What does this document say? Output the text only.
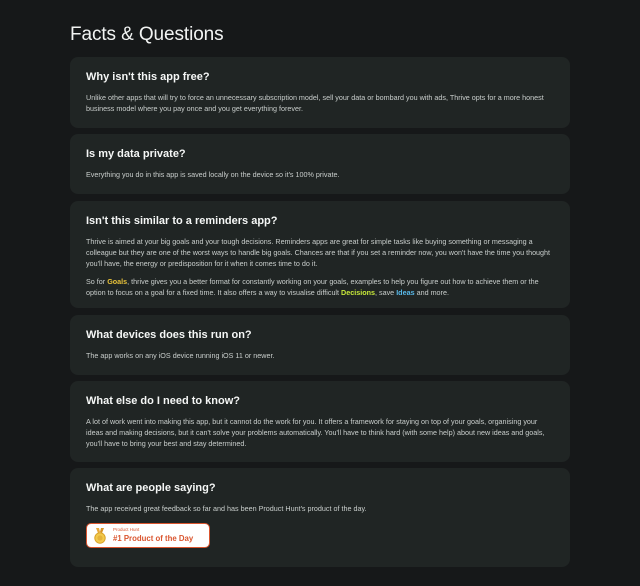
Facts & Questions
Why isn't this app free?

Unlike other apps that will try to force an unnecessary subscription model, sell your data or bombard you with ads, Thrive opts for a more honest business model where you pay once and you get everything forever.

Is my data private?

Everything you do in this app is saved locally on the device so it's 100% private.

Isn't this similar to a reminders app?

Thrive is aimed at your big goals and your tough decisions. Reminders apps are great for simple tasks like buying something or messaging a colleague but they are one of the worst ways to handle big goals. Chances are that if you set a reminder now, you won't have the time you thought you'll have, the energy or predisposition for it when it comes time to do it.

So for Goals, thrive gives you a better format for constantly working on your goals, examples to help you figure out how to achieve them or the option to focus on a goal for a fixed time. It also offers a way to visualise difficult Decisions, save Ideas and more.

What devices does this run on?

The app works on any iOS device running iOS 11 or newer.

What else do I need to know?

A lot of work went into making this app, but it cannot do the work for you. It offers a framework for staying on top of your goals, organising your ideas and making decisions, but it can't solve your problems automatically. You'll have to think hard (with some help) about new ideas and goals, you'll have to bring your best and stay determined.

What are people saying?

The app received great feedback so far and has been Product Hunt's product of the day.

Product Hunt
#1 Product of the Day
